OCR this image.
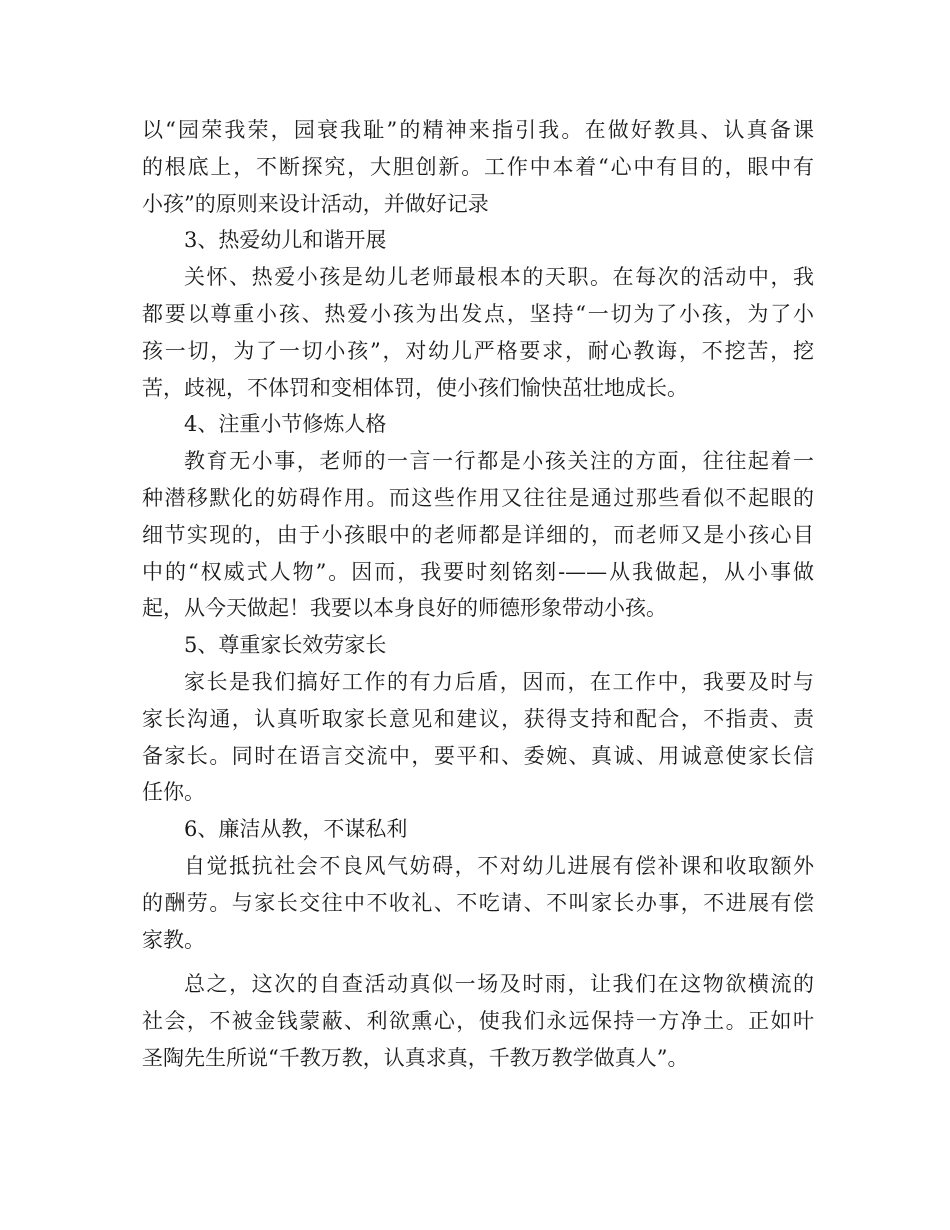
以“园荣我荣，园衰我耻”的精神来指引我。在做好教具、认真备课
的根底上，不断探究，大胆创新。工作中本着“心中有目的，眼中有
小孩”的原则来设计活动，并做好记录
3、热爱幼儿和谐开展
关怀、热爱小孩是幼儿老师最根本的天职。在每次的活动中，我
都要以尊重小孩、热爱小孩为出发点，坚持“一切为了小孩，为了小
孩一切，为了一切小孩”，对幼儿严格要求，耐心教诲，不挖苦，挖
苦，歧视，不体罚和变相体罚，使小孩们愉快茁壮地成长。
4、注重小节修炼人格
教育无小事，老师的一言一行都是小孩关注的方面，往往起着一
种潜移默化的妨碍作用。而这些作用又往往是通过那些看似不起眼的
细节实现的，由于小孩眼中的老师都是详细的，而老师又是小孩心目
中的“权威式人物”。因而，我要时刻铭刻-——从我做起，从小事做
起，从今天做起！我要以本身良好的师德形象带动小孩。
5、尊重家长效劳家长
家长是我们搞好工作的有力后盾，因而，在工作中，我要及时与
家长沟通，认真听取家长意见和建议，获得支持和配合，不指责、责
备家长。同时在语言交流中，要平和、委婉、真诚、用诚意使家长信
任你。
6、廉洁从教，不谋私利
自觉抵抗社会不良风气妨碍，不对幼儿进展有偿补课和收取额外
的酬劳。与家长交往中不收礼、不吃请、不叫家长办事，不进展有偿
家教。
总之，这次的自查活动真似一场及时雨，让我们在这物欲横流的
社会，不被金钱蒙蔽、利欲熏心，使我们永远保持一方净土。正如叶
圣陶先生所说“千教万教，认真求真，千教万教学做真人”。
